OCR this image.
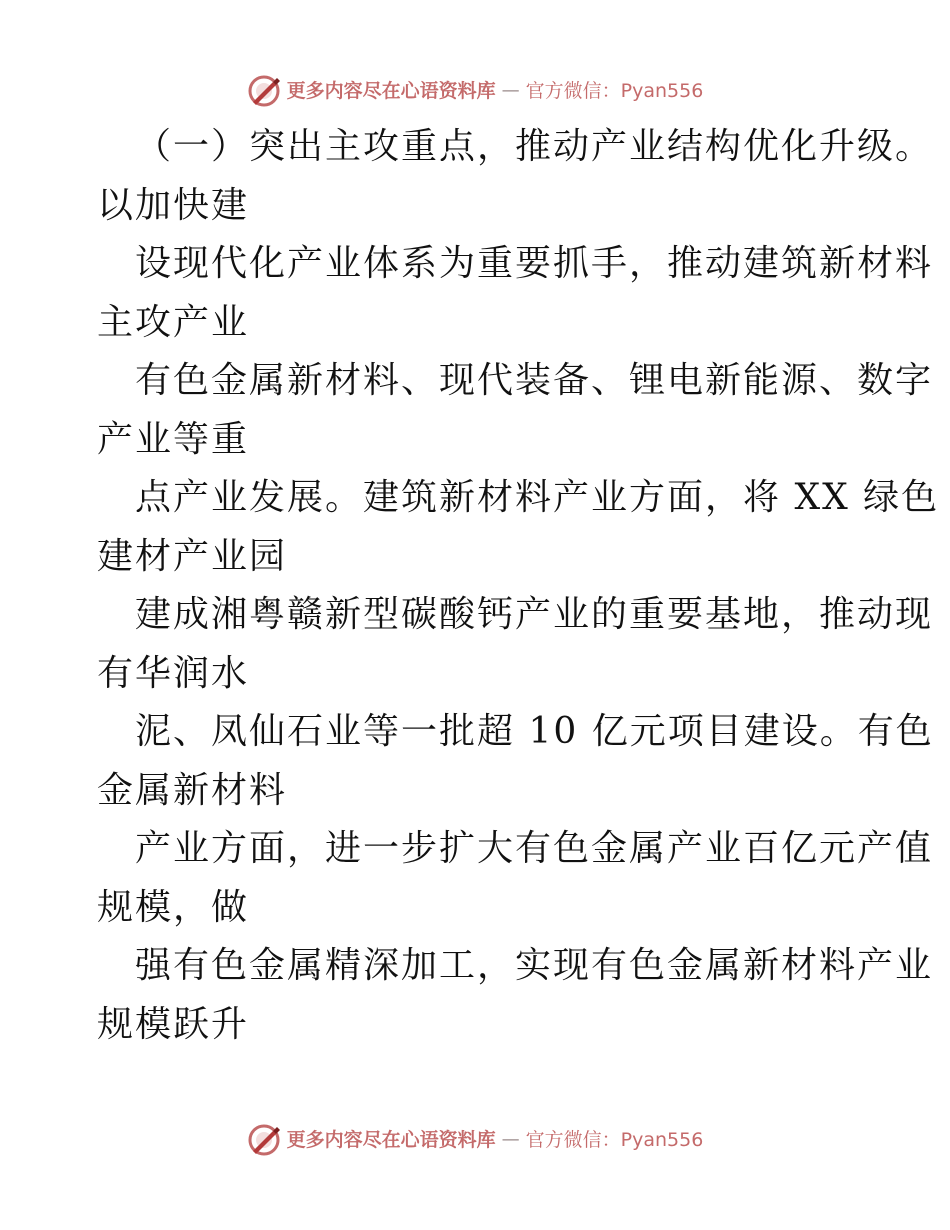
更多内容尽在心语资料库 — 官方微信：Pyan556
（一）突出主攻重点，推动产业结构优化升级。
以加快建
设现代化产业体系为重要抓手，推动建筑新材料
主攻产业
有色金属新材料、现代装备、锂电新能源、数字
产业等重
点产业发展。建筑新材料产业方面，将 XX 绿色
建材产业园
建成湘粤赣新型碳酸钙产业的重要基地，推动现
有华润水
泥、凤仙石业等一批超 10 亿元项目建设。有色
金属新材料
产业方面，进一步扩大有色金属产业百亿元产值
规模，做
强有色金属精深加工，实现有色金属新材料产业
规模跃升
更多内容尽在心语资料库 — 官方微信：Pyan556
